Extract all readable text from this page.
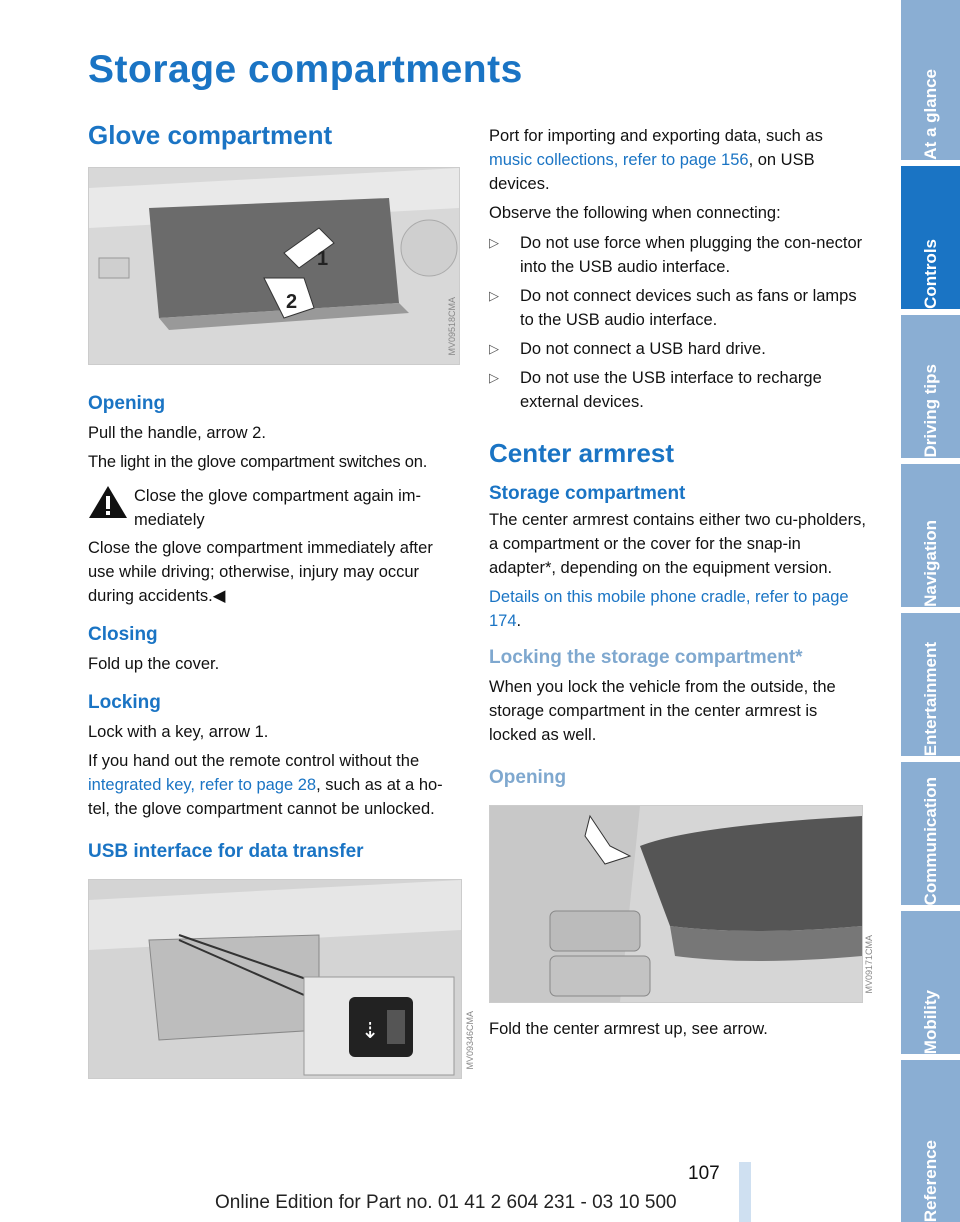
Storage compartments
Glove compartment
1
2	MV09518CMA
Opening

Pull the handle, arrow 2.

The light in the glove compartment switches on.

Close the glove compartment again im-
mediately

Close the glove compartment immediately after use while driving; otherwise, injury may occur during accidents.◀

Closing

Fold up the cover.

Locking

Lock with a key, arrow 1.

If you hand out the remote control without the integrated key, refer to page 28, such as at a ho-tel, the glove compartment cannot be unlocked.

USB interface for data transfer
⇣	MV09346CMA

Port for importing and exporting data, such as music collections, refer to page 156, on USB devices.

Observe the following when connecting:

▷	Do not use force when plugging the con-nector into the USB audio interface.
▷	Do not connect devices such as fans or lamps to the USB audio interface.
▷	Do not connect a USB hard drive.
▷	Do not use the USB interface to recharge external devices.
Center armrest
Storage compartment

The center armrest contains either two cu-pholders, a compartment or the cover for the snap-in adapter*, depending on the equipment version.

Details on this mobile phone cradle, refer to page 174.

Locking the storage compartment*

When you lock the vehicle from the outside, the storage compartment in the center armrest is locked as well.

Opening
MV09171CMA

Fold the center armrest up, see arrow.

At a glance
Controls
Driving tips
Navigation
Entertainment
Communication
Mobility
Reference
107
Online Edition for Part no. 01 41 2 604 231 - 03 10 500
